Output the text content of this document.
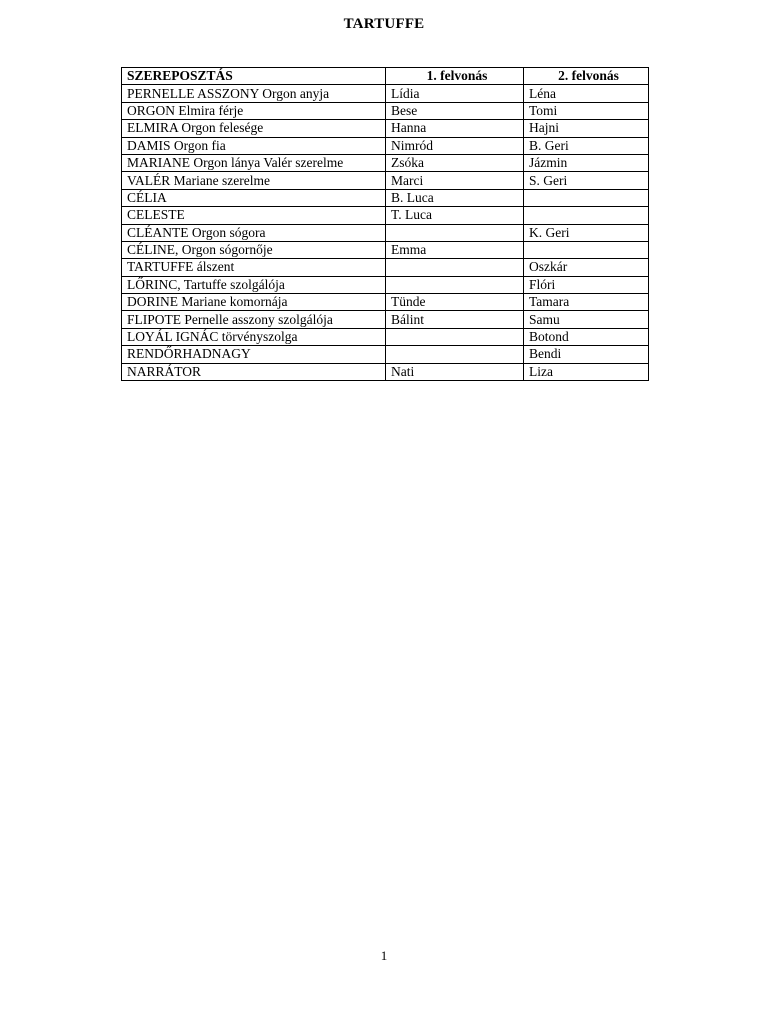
TARTUFFE
SZEREPOSZTÁS	1. felvonás	2. felvonás
PERNELLE ASSZONY Orgon anyja	Lídia	Léna
ORGON Elmira férje	Bese	Tomi
ELMIRA Orgon felesége	Hanna	Hajni
DAMIS Orgon fia	Nimród	B. Geri
MARIANE Orgon lánya Valér szerelme	Zsóka	Jázmin
VALÉR Mariane szerelme	Marci	S. Geri
CÉLIA	B. Luca	
CELESTE	T. Luca	
CLÉANTE Orgon sógora		K. Geri
CÉLINE, Orgon sógornője	Emma	
TARTUFFE álszent		Oszkár
LŐRINC, Tartuffe szolgálója		Flóri
DORINE Mariane komornája	Tünde	Tamara
FLIPOTE Pernelle asszony szolgálója	Bálint	Samu
LOYÁL IGNÁC törvényszolga		Botond
RENDŐRHADNAGY		Bendi
NARRÁTOR	Nati	Liza
1
